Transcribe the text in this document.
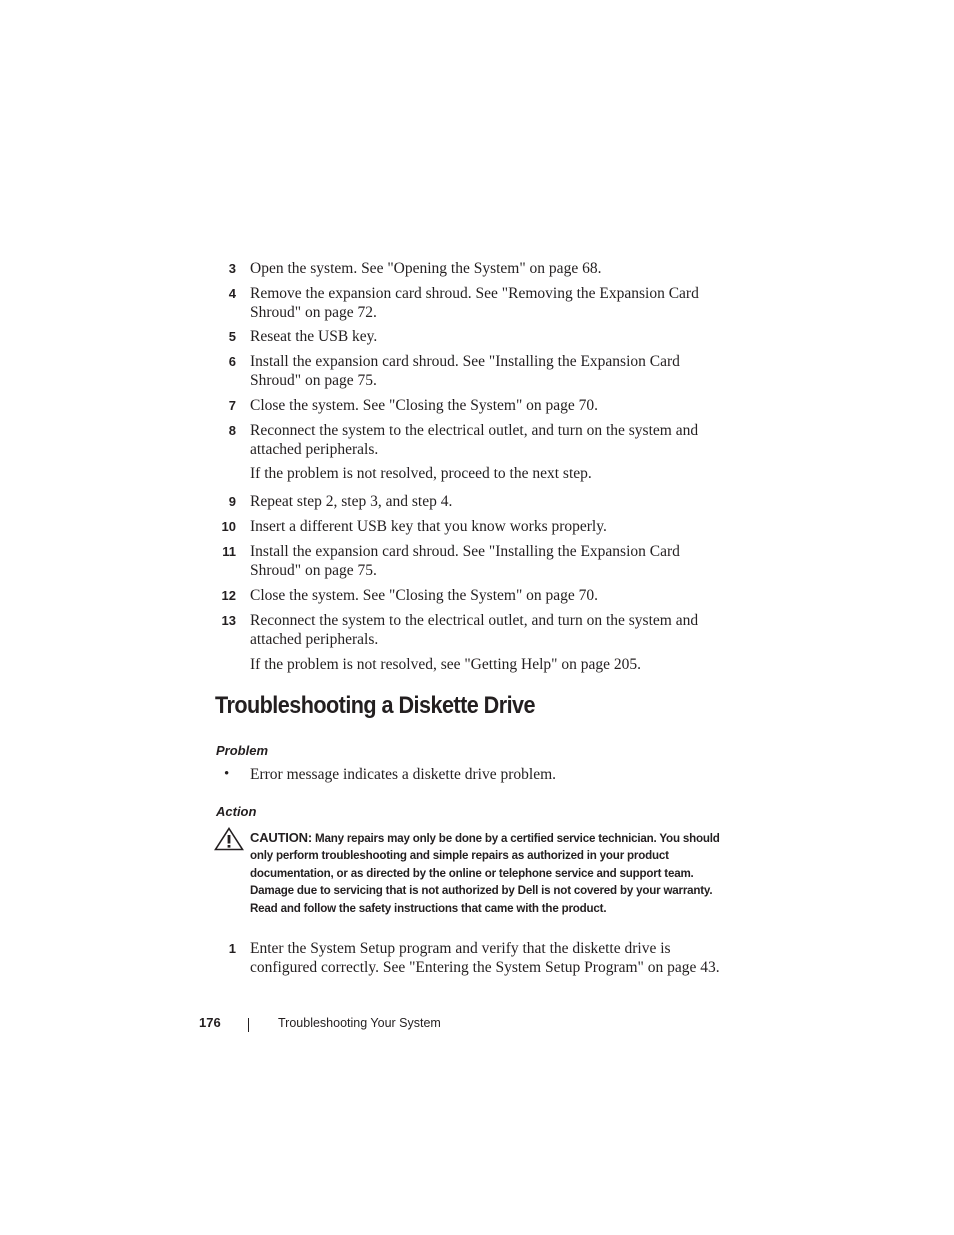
3 Open the system. See "Opening the System" on page 68.
4 Remove the expansion card shroud. See "Removing the Expansion Card Shroud" on page 72.
5 Reseat the USB key.
6 Install the expansion card shroud. See "Installing the Expansion Card Shroud" on page 75.
7 Close the system. See "Closing the System" on page 70.
8 Reconnect the system to the electrical outlet, and turn on the system and attached peripherals.
If the problem is not resolved, proceed to the next step.
9 Repeat step 2, step 3, and step 4.
10 Insert a different USB key that you know works properly.
11 Install the expansion card shroud. See "Installing the Expansion Card Shroud" on page 75.
12 Close the system. See "Closing the System" on page 70.
13 Reconnect the system to the electrical outlet, and turn on the system and attached peripherals.
If the problem is not resolved, see "Getting Help" on page 205.
Troubleshooting a Diskette Drive
Problem
• Error message indicates a diskette drive problem.
Action
CAUTION: Many repairs may only be done by a certified service technician. You should only perform troubleshooting and simple repairs as authorized in your product documentation, or as directed by the online or telephone service and support team. Damage due to servicing that is not authorized by Dell is not covered by your warranty. Read and follow the safety instructions that came with the product.
1 Enter the System Setup program and verify that the diskette drive is configured correctly. See "Entering the System Setup Program" on page 43.
176	Troubleshooting Your System
